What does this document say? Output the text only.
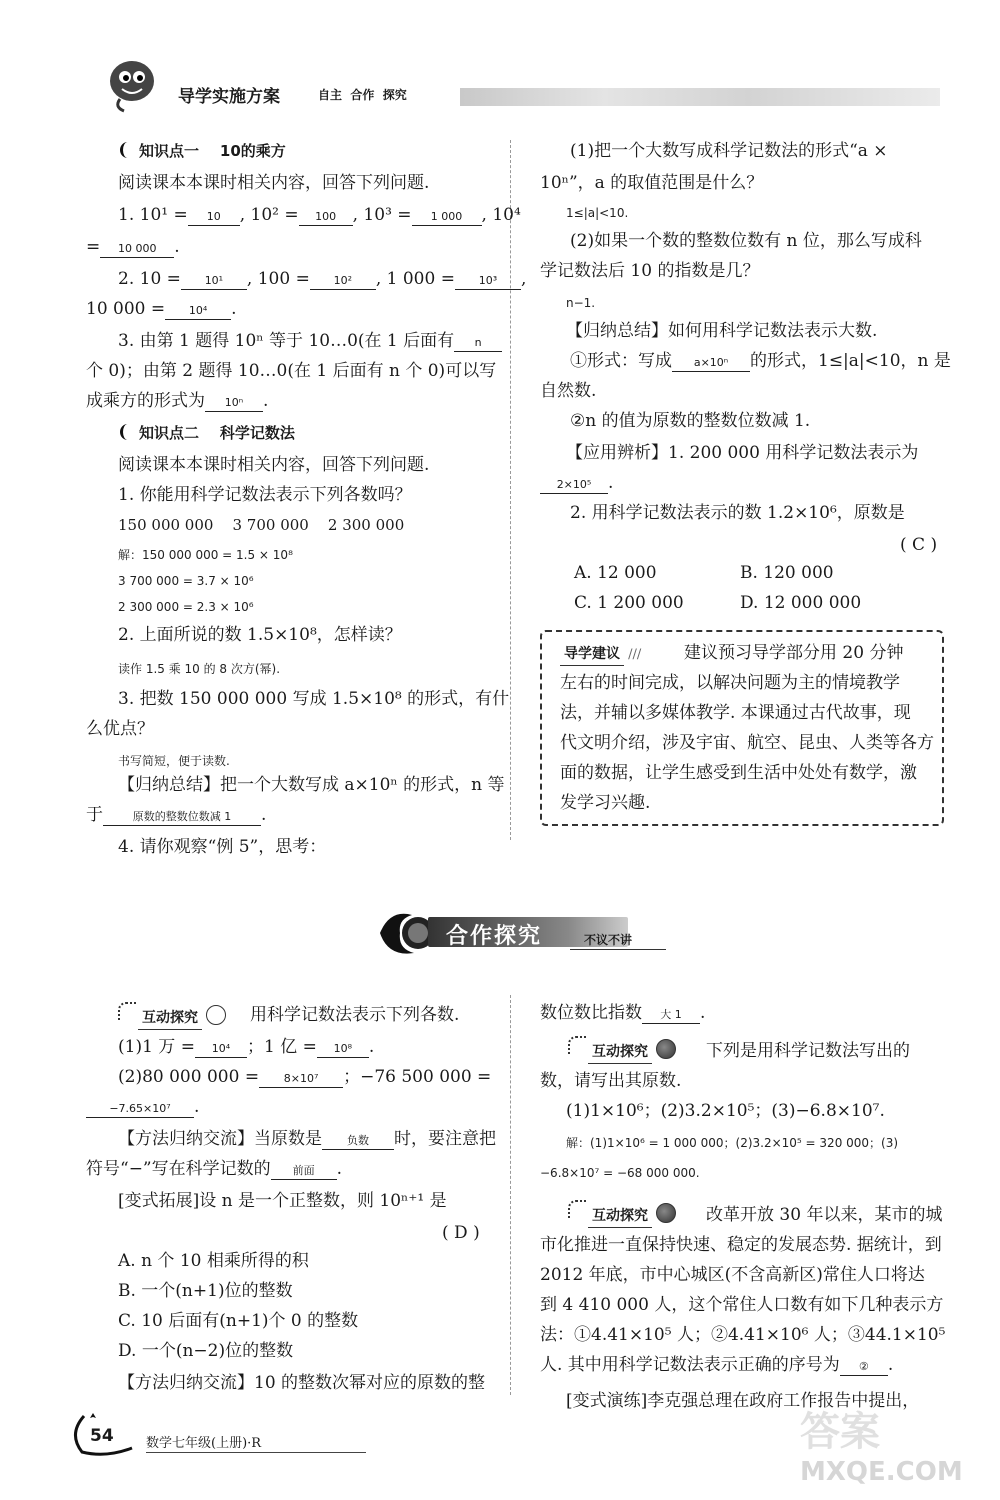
导学实施方案	自主  合作  探究
知识点一    10的乘方
阅读课本本课时相关内容，回答下列问题.
1. 10¹ = 10 , 10² = 100 , 10³ = 1 000 , 10⁴
= 10 000 .
2. 10 = 10¹ , 100 = 10² , 1 000 = 10³ ,
10 000 = 10⁴ .
3. 由第 1 题得 10ⁿ 等于 10…0(在 1 后面有 n
个 0)；由第 2 题得 10…0(在 1 后面有 n 个 0)可以写
成乘方的形式为 10ⁿ .
知识点二    科学记数法
阅读课本本课时相关内容，回答下列问题.
1. 你能用科学记数法表示下列各数吗？
150 000 000    3 700 000    2 300 000
解：150 000 000 = 1.5 × 10⁸
3 700 000 = 3.7 × 10⁶
2 300 000 = 2.3 × 10⁶
2. 上面所说的数 1.5×10⁸，怎样读？
读作 1.5 乘 10 的 8 次方(幂).
3. 把数 150 000 000 写成 1.5×10⁸ 的形式，有什
么优点？
书写简短，便于读数.
【归纳总结】把一个大数写成 a×10ⁿ 的形式，n 等
于	原数的整数位数减 1 .
4. 请你观察“例 5”，思考：
(1)把一个大数写成科学记数法的形式“a ×
10ⁿ”，a 的取值范围是什么？
1≤|a|<10.
(2)如果一个数的整数位数有 n 位，那么写成科
学记数法后 10 的指数是几？
n−1.
【归纳总结】如何用科学记数法表示大数.
①形式：写成 a×10ⁿ 的形式，1≤|a|<10，n 是
自然数.
②n 的值为原数的整数位数减 1.
【应用辨析】1. 200 000 用科学记数法表示为
2×10⁵ .
2. 用科学记数法表示的数 1.2×10⁶，原数是
( C )
A. 12 000	B. 120 000
C. 1 200 000	D. 12 000 000
导学建议 ///	建议预习导学部分用 20 分钟
左右的时间完成，以解决问题为主的情境教学
法，并辅以多媒体教学. 本课通过古代故事，现
代文明介绍，涉及宇宙、航空、昆虫、人类等各方
面的数据，让学生感受到生活中处处有数学，激
发学习兴趣.
合作探究	不议不讲
互动探究	用科学记数法表示下列各数.
(1)1 万 = 10⁴ ；1 亿 = 10⁸ .
(2)80 000 000 = 8×10⁷ ；−76 500 000 =
−7.65×10⁷ .
【方法归纳交流】当原数是 负数 时，要注意把
符号“−”写在科学记数的 前面 .
[变式拓展]设 n 是一个正整数，则 10ⁿ⁺¹ 是
( D )
A. n 个 10 相乘所得的积
B. 一个(n+1)位的整数
C. 10 后面有(n+1)个 0 的整数
D. 一个(n−2)位的整数
【方法归纳交流】10 的整数次幂对应的原数的整
数位数比指数 大 1 .
互动探究	下列是用科学记数法写出的
数，请写出其原数.
(1)1×10⁶；(2)3.2×10⁵；(3)−6.8×10⁷.
解：(1)1×10⁶ = 1 000 000；(2)3.2×10⁵ = 320 000；(3)
−6.8×10⁷ = −68 000 000.
互动探究	改革开放 30 年以来，某市的城
市化推进一直保持快速、稳定的发展态势. 据统计，到
2012 年底，市中心城区(不含高新区)常住人口将达
到 4 410 000 人，这个常住人口数有如下几种表示方
法：①4.41×10⁵ 人；②4.41×10⁶ 人；③44.1×10⁵
人. 其中用科学记数法表示正确的序号为 ② .
[变式演练]李克强总理在政府工作报告中提出，
54 数学七年级(上册)·R	答案
MXQE.COM
